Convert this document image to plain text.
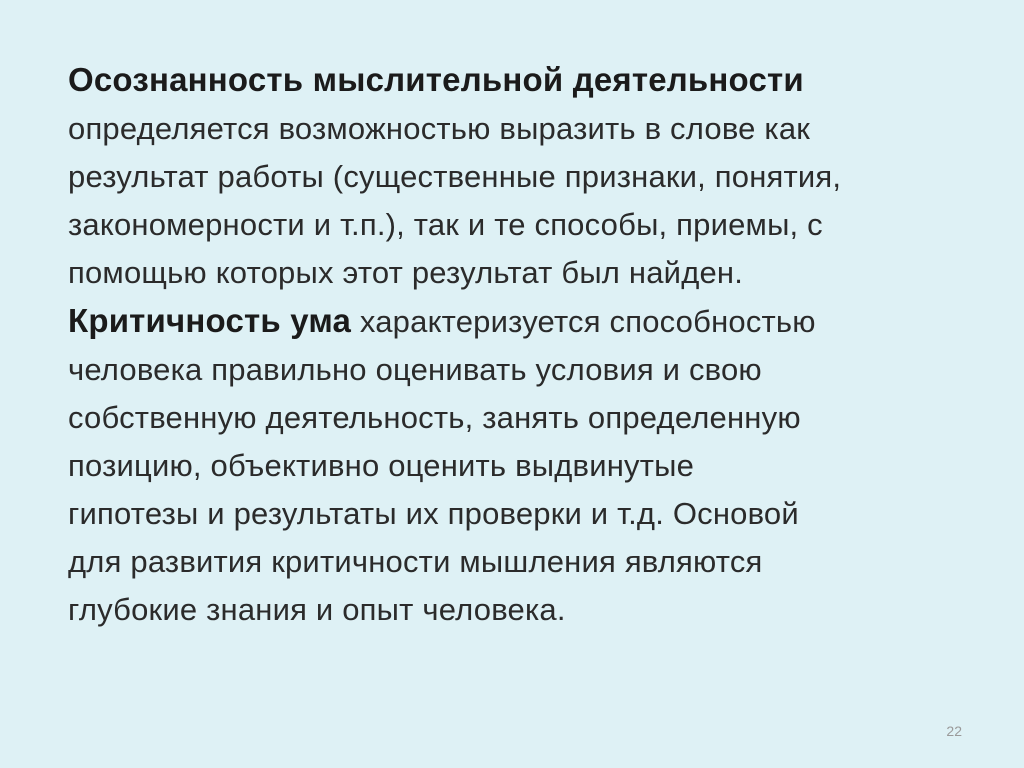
Осознанность мыслительной деятельности
определяется возможностью выразить в слове как
результат работы (существенные признаки, понятия,
закономерности и т.п.), так и те способы, приемы, с
помощью которых этот результат был найден.
Критичность ума характеризуется способностью
человека правильно оценивать условия и свою
собственную деятельность, занять определенную
позицию, объективно оценить выдвинутые
гипотезы и результаты их проверки и т.д. Основой
для развития критичности мышления являются
глубокие знания и опыт человека.
22
